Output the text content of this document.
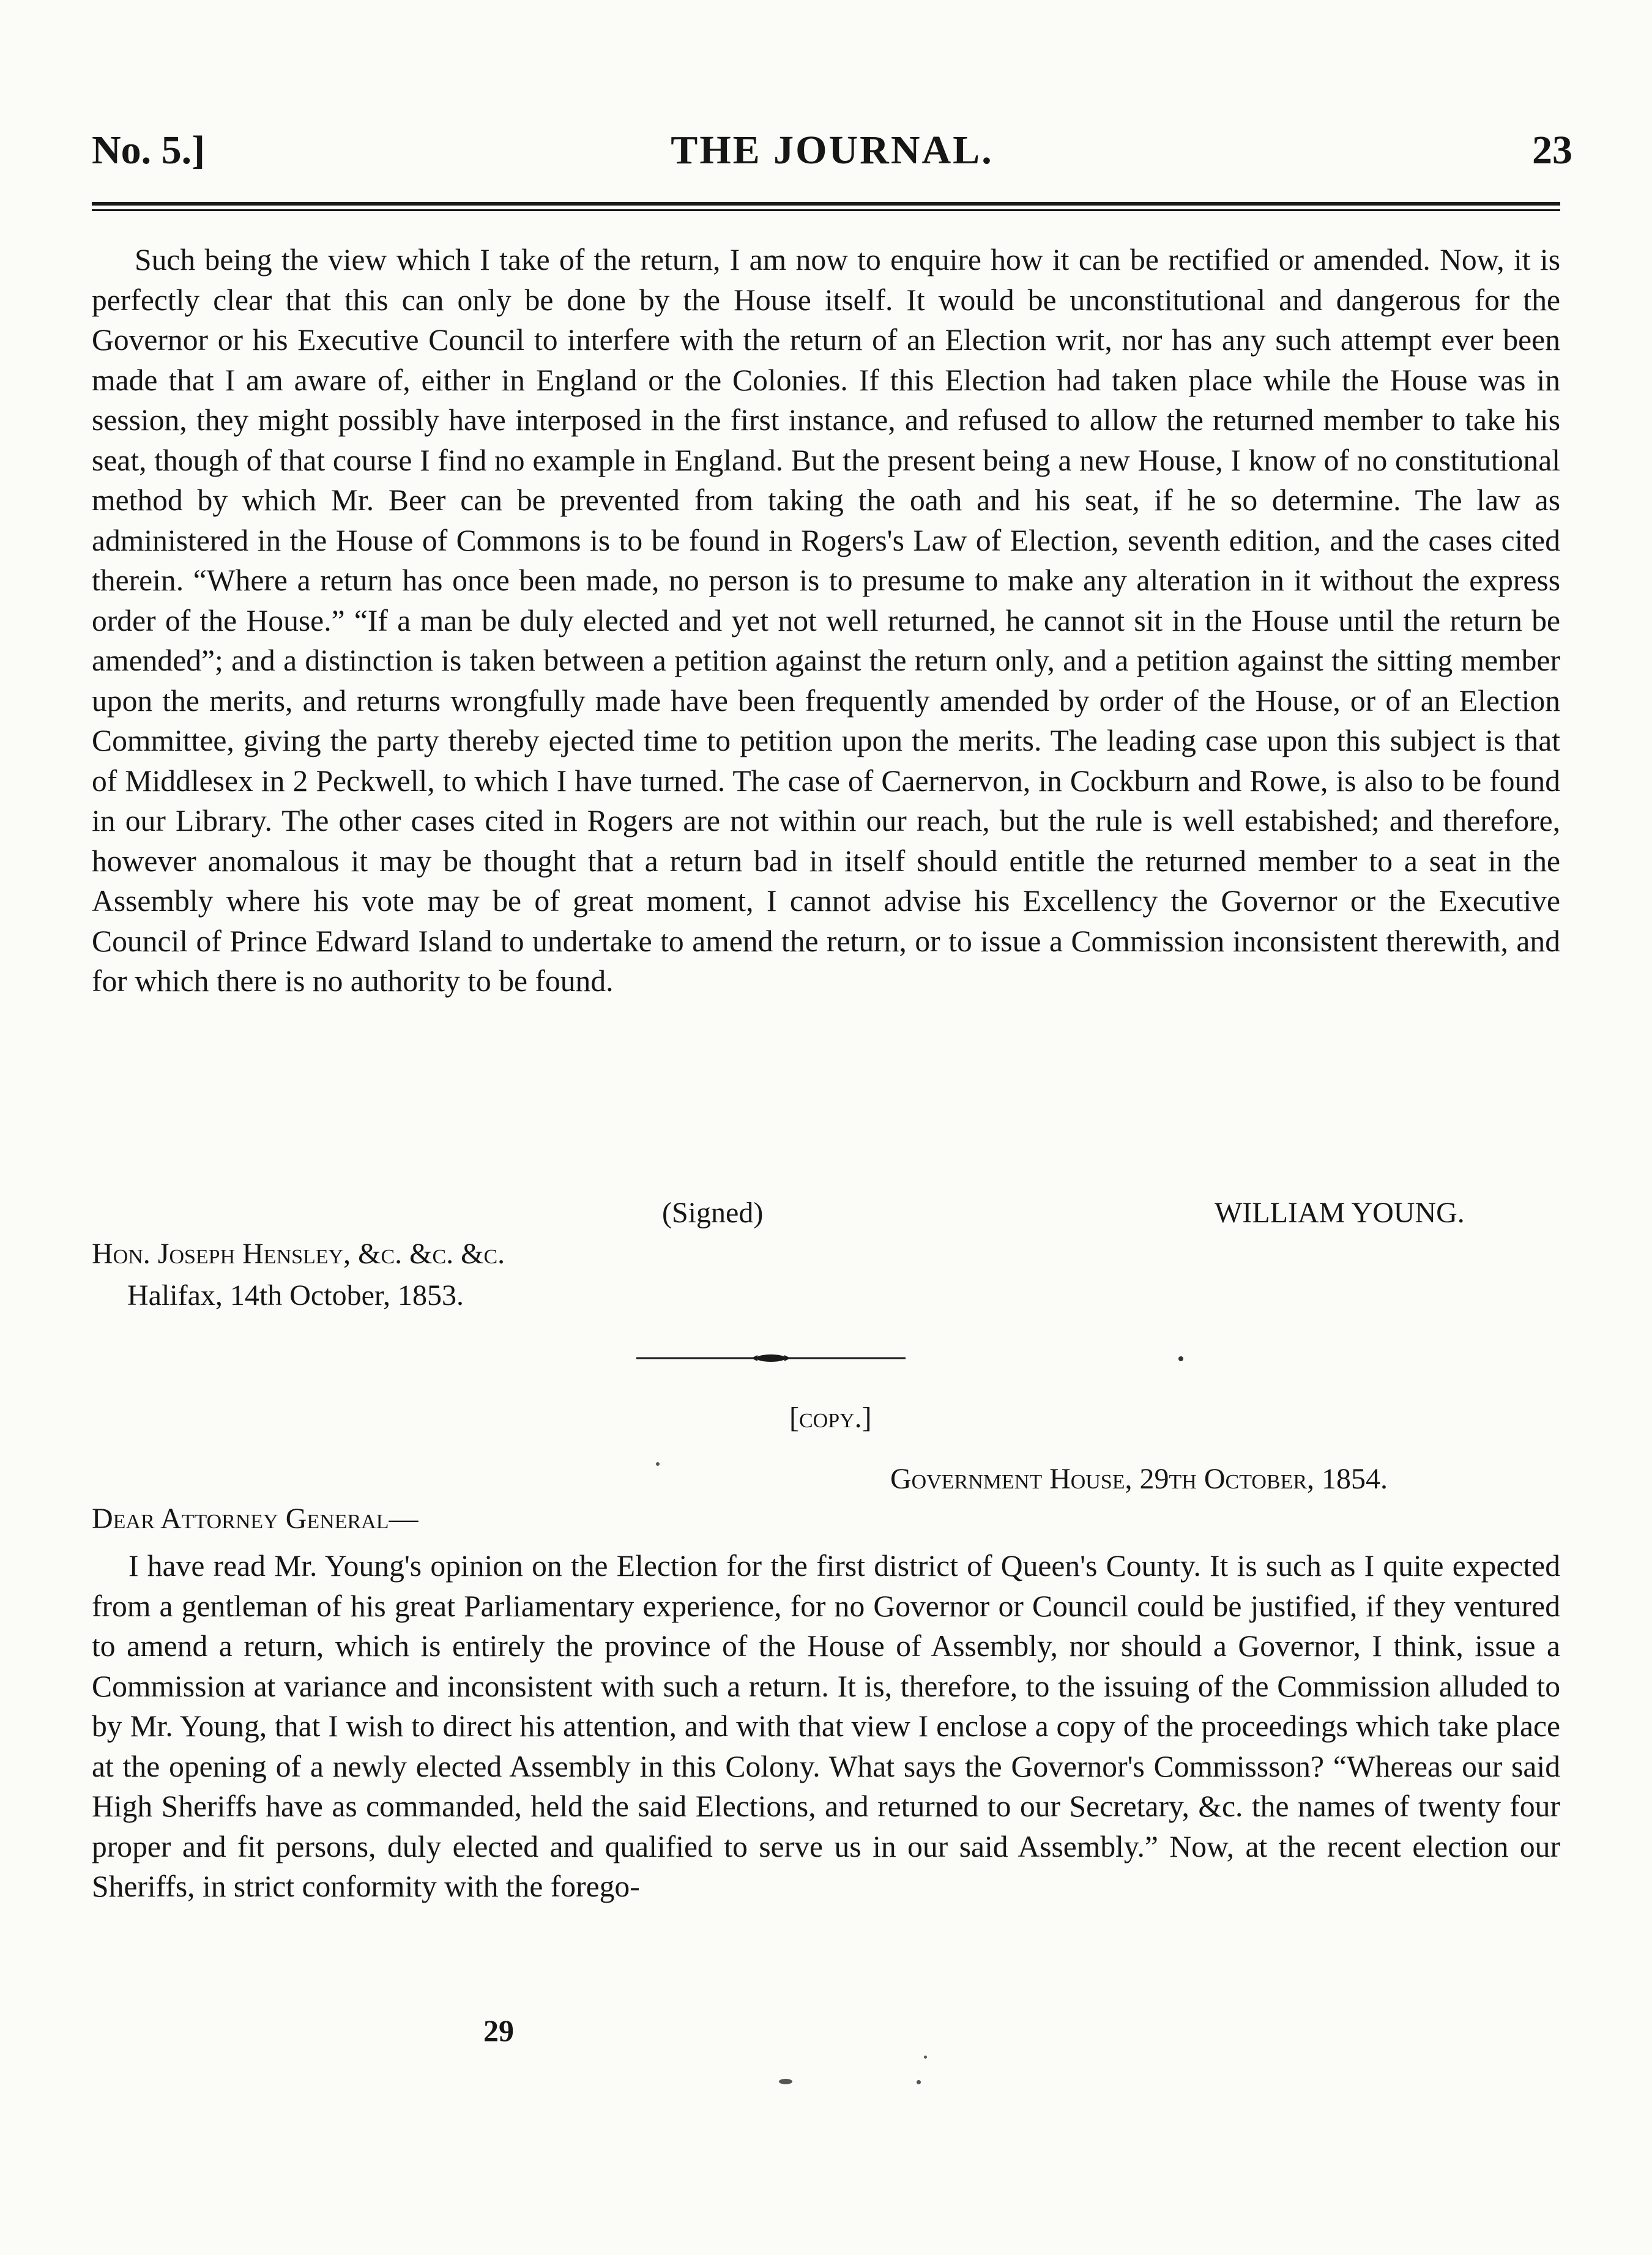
No. 5.]	THE JOURNAL.	23

Such being the view which I take of the return, I am now to enquire how it can be rectified or amended. Now, it is perfectly clear that this can only be done by the House itself. It would be unconstitutional and dangerous for the Governor or his Executive Council to interfere with the return of an Election writ, nor has any such attempt ever been made that I am aware of, either in England or the Colonies. If this Election had taken place while the House was in session, they might possibly have interposed in the first instance, and refused to allow the returned member to take his seat, though of that course I find no example in England. But the present being a new House, I know of no constitutional method by which Mr. Beer can be prevented from taking the oath and his seat, if he so determine. The law as administered in the House of Commons is to be found in Rogers's Law of Election, seventh edition, and the cases cited therein. “Where a return has once been made, no person is to presume to make any alteration in it without the express order of the House.” “If a man be duly elected and yet not well returned, he cannot sit in the House until the return be amended”; and a distinction is taken between a petition against the return only, and a petition against the sitting member upon the merits, and returns wrongfully made have been frequently amended by order of the House, or of an Election Committee, giving the party thereby ejected time to petition upon the merits. The leading case upon this subject is that of Middlesex in 2 Peckwell, to which I have turned. The case of Caernervon, in Cockburn and Rowe, is also to be found in our Library. The other cases cited in Rogers are not within our reach, but the rule is well estabished; and therefore, however anomalous it may be thought that a return bad in itself should entitle the returned member to a seat in the Assembly where his vote may be of great moment, I cannot advise his Excellency the Governor or the Executive Council of Prince Edward Island to undertake to amend the return, or to issue a Commission inconsistent therewith, and for which there is no authority to be found.

(Signed)	WILLIAM YOUNG.
Hon. Joseph Hensley, &c. &c. &c.
Halifax, 14th October, 1853.
[copy.]
Government House, 29th October, 1854.
Dear Attorney General—

I have read Mr. Young's opinion on the Election for the first district of Queen's County. It is such as I quite expected from a gentleman of his great Parliamentary experience, for no Governor or Council could be justified, if they ventured to amend a return, which is entirely the province of the House of Assembly, nor should a Governor, I think, issue a Commission at variance and inconsistent with such a return. It is, therefore, to the issuing of the Commission alluded to by Mr. Young, that I wish to direct his attention, and with that view I enclose a copy of the proceedings which take place at the opening of a newly elected Assembly in this Colony. What says the Governor's Commissson? “Whereas our said High Sheriffs have as commanded, held the said Elections, and returned to our Secretary, &c. the names of twenty four proper and fit persons, duly elected and qualified to serve us in our said Assembly.” Now, at the recent election our Sheriffs, in strict conformity with the forego-

29
